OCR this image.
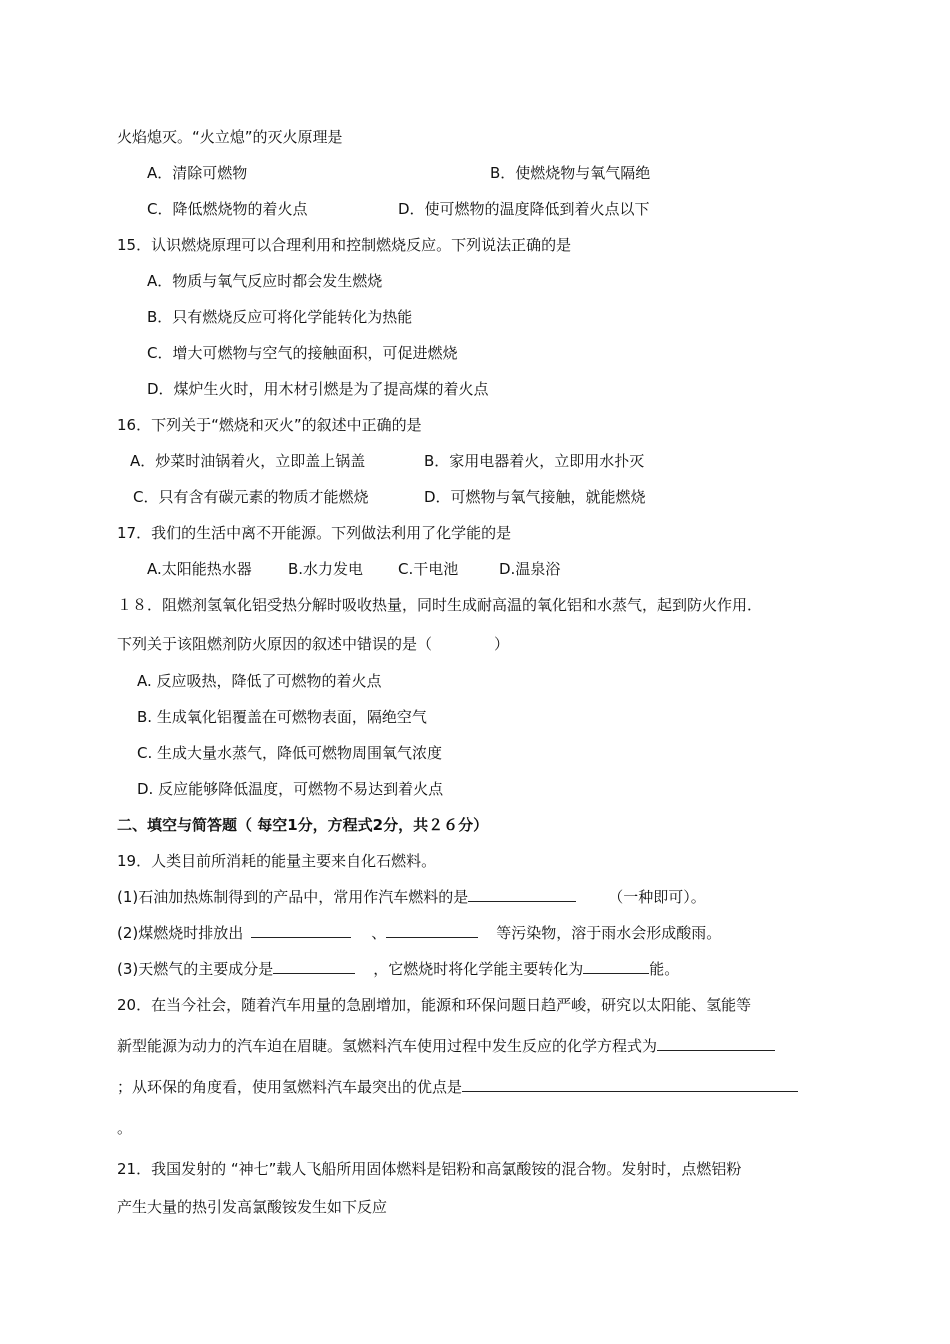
火焰熄灭。“火立熄”的灭火原理是
A．清除可燃物	B．使燃烧物与氧气隔绝
C．降低燃烧物的着火点	D．使可燃物的温度降低到着火点以下
15．认识燃烧原理可以合理利用和控制燃烧反应。下列说法正确的是
A．物质与氧气反应时都会发生燃烧
B．只有燃烧反应可将化学能转化为热能
C．增大可燃物与空气的接触面积，可促进燃烧
D．煤炉生火时，用木材引燃是为了提高煤的着火点
16．下列关于“燃烧和灭火”的叙述中正确的是
A．炒菜时油锅着火，立即盖上锅盖	B．家用电器着火，立即用水扑灭
C．只有含有碳元素的物质才能燃烧	D．可燃物与氧气接触，就能燃烧
17．我们的生活中离不开能源。下列做法利用了化学能的是
A.太阳能热水器 B.水力发电 C.干电池	D.温泉浴
１８．阻燃剂氢氧化铝受热分解时吸收热量，同时生成耐高温的氧化铝和水蒸气，起到防火作用．
下列关于该阻燃剂防火原因的叙述中错误的是（	）
A. 反应吸热，降低了可燃物的着火点
B. 生成氧化铝覆盖在可燃物表面，隔绝空气
C. 生成大量水蒸气，降低可燃物周围氧气浓度
D. 反应能够降低温度，可燃物不易达到着火点
二、填空与简答题（ 每空1分，方程式2分，共２６分）
19．人类目前所消耗的能量主要来自化石燃料。
(1)石油加热炼制得到的产品中，常用作汽车燃料的是	（一种即可）。
(2)煤燃烧时排放出	、	等污染物，溶于雨水会形成酸雨。
(3)天燃气的主要成分是	，它燃烧时将化学能主要转化为	能。
20．在当今社会，随着汽车用量的急剧增加，能源和环保问题日趋严峻，研究以太阳能、氢能等
新型能源为动力的汽车迫在眉睫。氢燃料汽车使用过程中发生反应的化学方程式为
；从环保的角度看，使用氢燃料汽车最突出的优点是
。
21．我国发射的 “神七”载人飞船所用固体燃料是铝粉和高氯酸铵的混合物。发射时，点燃铝粉
产生大量的热引发高氯酸铵发生如下反应
